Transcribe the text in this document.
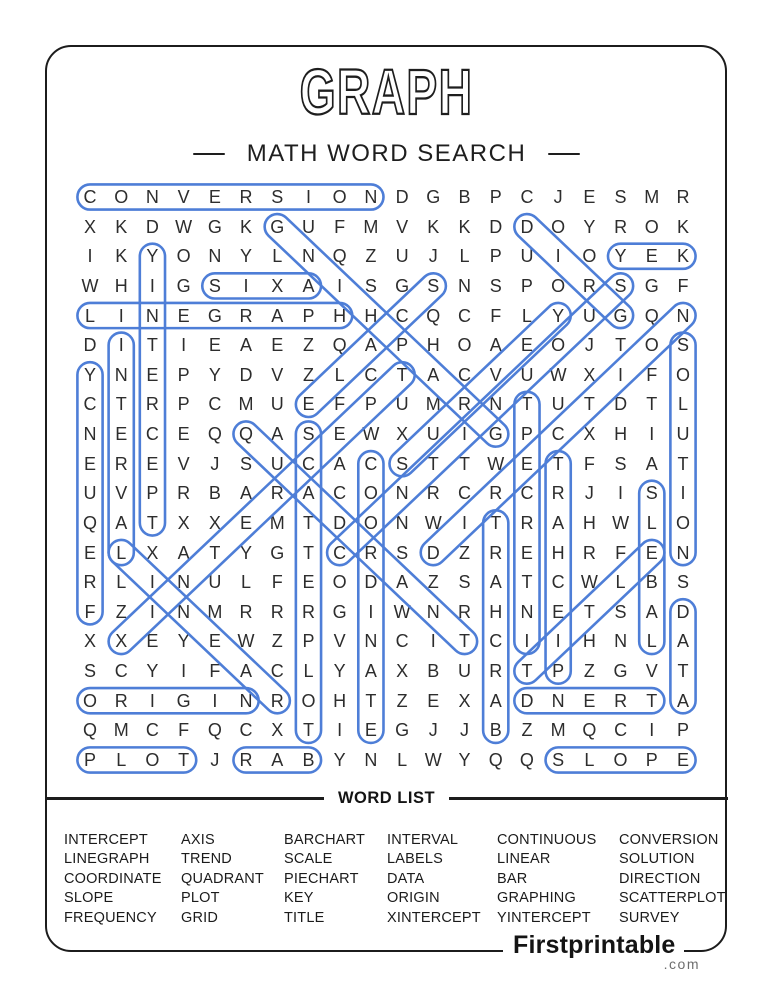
GRAPH
MATH WORD SEARCH
C O N V E R S I O N D G B P C J E S M R
X K D W G K G U F M V K K D D O Y R O K
I K Y O N Y L N Q Z U J L P U I O Y E K
W H I G S I X A I S G S N S P O R S G F
L I N E G R A P H H C Q C F L Y U G Q N
D I T I E A E Z Q A P H O A E O J T O S
Y N E P Y D V Z L C T A C V U W X I F O
C T R P C M U E F P U M R N T U T D T L
N E C E Q Q A S E W X U I G P C X H I U
E R E V J S U C A C S T T W E T F S A T
U V P R B A R A C O N R C R C R J I S I
Q A T X X E M T D O N W I T R A H W L O
E L X A T Y G T C R S D Z R E H R F E N
R L I N U L F E O D A Z S A T C W L B S
F Z I N M R R R G I W N R H N E T S A D
X X E Y E W Z P V N C I T C I I H N L A
S C Y I F A C L Y A X B U R T P Z G V T
O R I G I N R O H T Z E X A D N E R T A
Q M C F Q C X T I E G J J B Z M Q C I P
P L O T J R A B Y N L W Y Q Q S L O P E
WORD LIST
INTERCEPT
LINEGRAPH
COORDINATE
SLOPE
FREQUENCY
AXIS
TREND
QUADRANT
PLOT
GRID
BARCHART
SCALE
PIECHART
KEY
TITLE
INTERVAL
LABELS
DATA
ORIGIN
XINTERCEPT
CONTINUOUS
LINEAR
BAR
GRAPHING
YINTERCEPT
CONVERSION
SOLUTION
DIRECTION
SCATTERPLOT
SURVEY
Firstprintable
.com
